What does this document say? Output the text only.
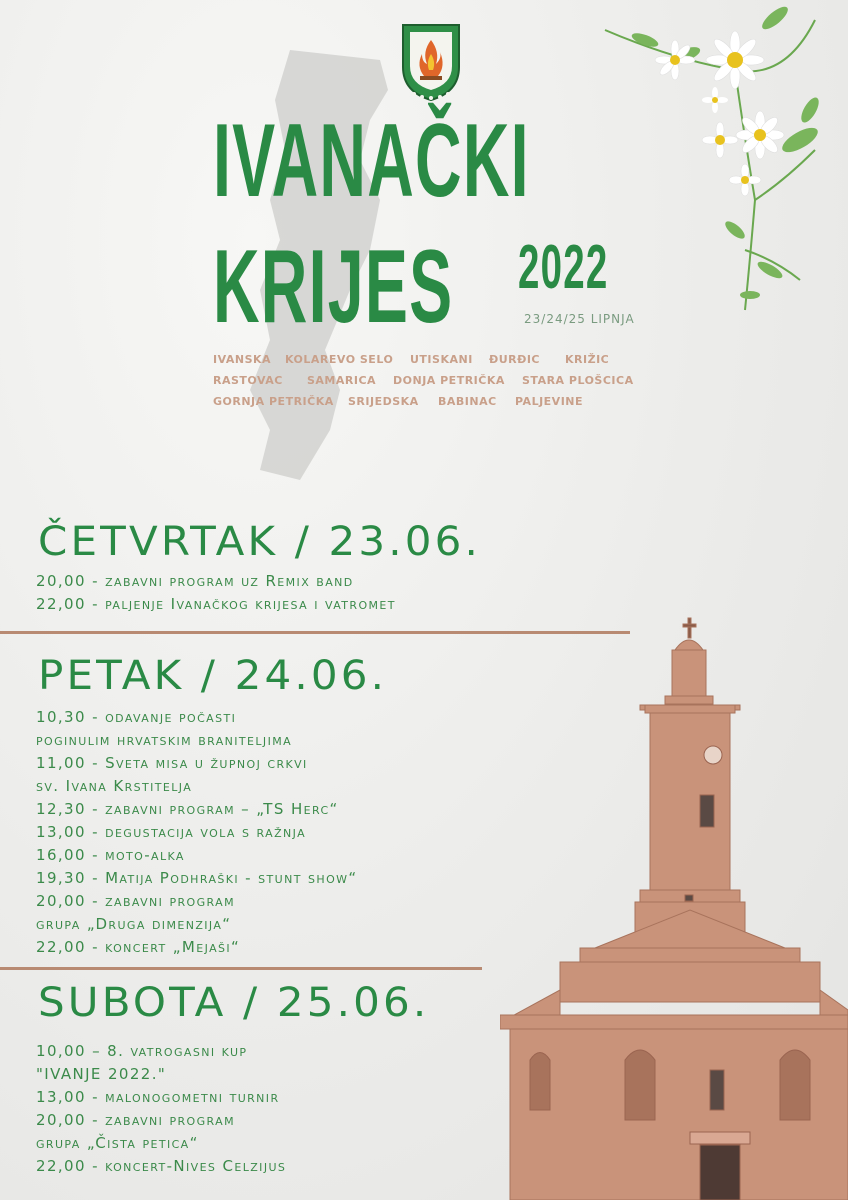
IVANAČKI
KRIJES 2022
23/24/25 LIPNJA
IVANSKA KOLAREVO SELO UTISKANI ĐURĐIC KRIŽIC
RASTOVAC SAMARICA DONJA PETRIČKA STARA PLOŠCICA
GORNJA PETRIČKA SRIJEDSKA BABINAC PALJEVINE
ČETVRTAK / 23.06.
20,00 - zabavni program uz Remix band
22,00 - paljenje Ivanačkog krijesa i vatromet
PETAK / 24.06.
10,30 - odavanje počasti
poginulim hrvatskim braniteljima
11,00 - Sveta misa u župnoj crkvi
sv. Ivana Krstitelja
12,30 - zabavni program – „TS Herc“
13,00 - degustacija vola s ražnja
16,00 - moto-alka
19,30 - Matija Podhraški - stunt show“
20,00 - zabavni program
grupa „Druga dimenzija“
22,00 - koncert „Mejaši“
SUBOTA / 25.06.
10,00 – 8. vatrogasni kup
"IVANJE 2022."
13,00 - malonogometni turnir
20,00 - zabavni program
grupa „Čista petica“
22,00 - koncert-Nives Celzijus
